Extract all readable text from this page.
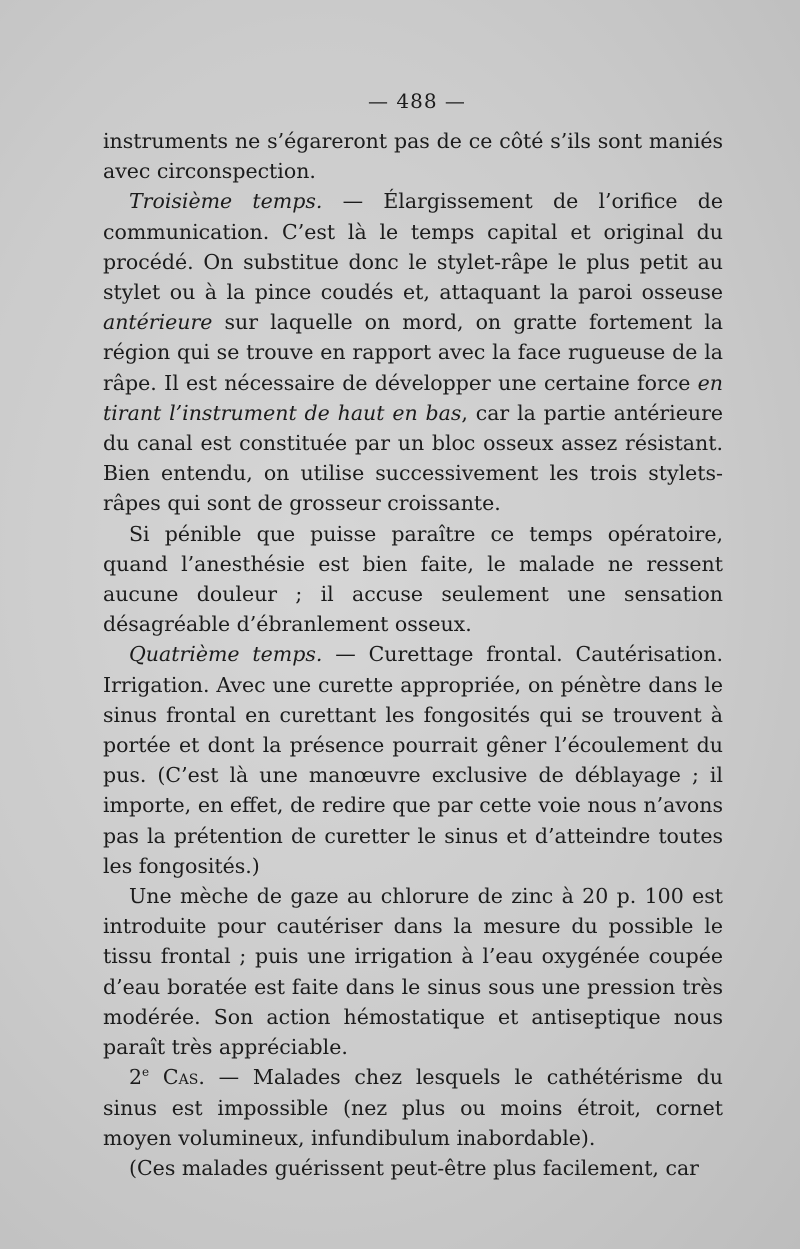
— 488 —

instruments ne s’égareront pas de ce côté s’ils sont maniés avec circonspection.

Troisième temps. — Élargissement de l’orifice de communication. C’est là le temps capital et original du procédé. On substitue donc le stylet-râpe le plus petit au stylet ou à la pince coudés et, attaquant la paroi osseuse antérieure sur laquelle on mord, on gratte fortement la région qui se trouve en rapport avec la face rugueuse de la râpe. Il est nécessaire de développer une certaine force en tirant l’instrument de haut en bas, car la partie antérieure du canal est constituée par un bloc osseux assez résistant. Bien entendu, on utilise successivement les trois stylets-râpes qui sont de grosseur croissante.

Si pénible que puisse paraître ce temps opératoire, quand l’anesthésie est bien faite, le malade ne ressent aucune douleur ; il accuse seulement une sensation désagréable d’ébranlement osseux.

Quatrième temps. — Curettage frontal. Cautérisation. Irrigation. Avec une curette appropriée, on pénètre dans le sinus frontal en curettant les fongosités qui se trouvent à portée et dont la présence pourrait gêner l’écoulement du pus. (C’est là une manœuvre exclusive de déblayage ; il importe, en effet, de redire que par cette voie nous n’avons pas la prétention de curetter le sinus et d’atteindre toutes les fongosités.)

Une mèche de gaze au chlorure de zinc à 20 p. 100 est introduite pour cautériser dans la mesure du possible le tissu frontal ; puis une irrigation à l’eau oxygénée coupée d’eau boratée est faite dans le sinus sous une pression très modérée. Son action hémostatique et antiseptique nous paraît très appréciable.

2e Cas. — Malades chez lesquels le cathétérisme du sinus est impossible (nez plus ou moins étroit, cornet moyen volumineux, infundibulum inabordable).

(Ces malades guérissent peut-être plus facilement, car
